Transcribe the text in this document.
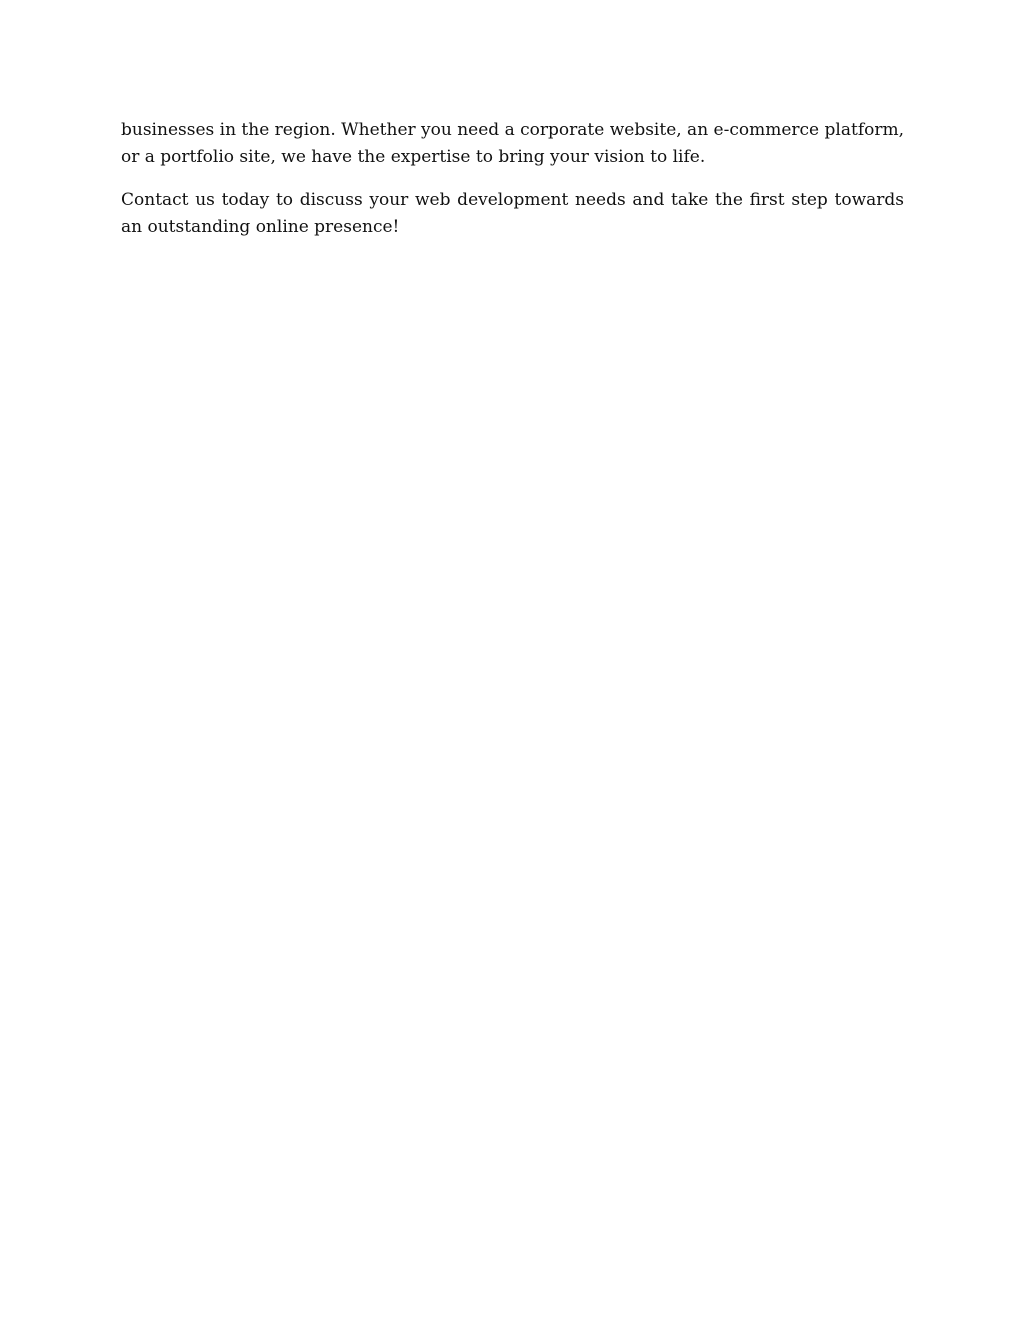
businesses in the region. Whether you need a corporate website, an e-commerce platform, or a portfolio site, we have the expertise to bring your vision to life.

Contact us today to discuss your web development needs and take the first step towards an outstanding online presence!
